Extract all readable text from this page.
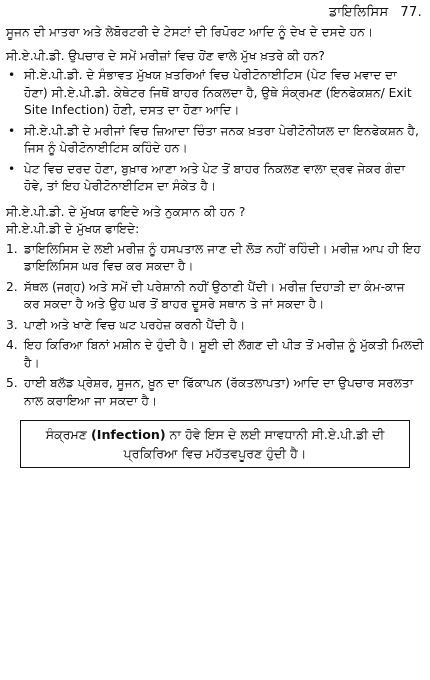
ਡਾਇਲਿਸਿਸ 77.

ਸੂਜਨ ਦੀ ਮਾਤਰਾ ਅਤੇ ਲੇਬੋਰਟਰੀ ਦੇ ਟੇਸਟਾਂ ਦੀ ਰਿਪੋਰਟ ਆਦਿ ਨੂੰ ਦੇਖ ਦੇ ਦਸਦੇ ਹਨ।

ਸੀ.ਏ.ਪੀ.ਡੀ. ਉਪਚਾਰ ਦੇ ਸਮੇਂ ਮਰੀਜ਼ਾਂ ਵਿਚ ਹੋਂਣ ਵਾਲੇ ਮੁੱਖ ਖ਼ਤਰੇ ਕੀ ਹਨ?

• ਸੀ.ਏ.ਪੀ.ਡੀ. ਦੇ ਸੰਭਾਵਤ ਮੁੱਖਯ ਖ਼ਤਰਿਆਂ ਵਿਚ ਪੇਰੀਟੋਨਾਈਟਿਸ (ਪੇਟ ਵਿਚ ਮਵਾਦ ਦਾ ਹੋਣਾ) ਸੀ.ਏ.ਪੀ.ਡੀ. ਕੇਥੇਟਰ ਜਿਥੋਂ ਬਾਹਰ ਨਿਕਲਦਾ ਹੈ, ਉਥੇ ਸੰਕ੍ਰਮਣ (ਇਨਫੇਕਸ਼ਨ/ Exit Site Infection) ਹੋਣੀ, ਦਸਤ ਦਾ ਹੋਣਾ ਆਦਿ।
• ਸੀ.ਏ.ਪੀ.ਡੀ ਦੇ ਮਰੀਜਾਂ ਵਿਚ ਜ਼ਿਆਦਾ ਚਿੰਤਾ ਜਨਕ ਖ਼ਤਰਾ ਪੇਰੀਟੋਨੀਯਲ ਦਾ ਇਨਫੇਕਸ਼ਨ ਹੈ, ਜਿਸ ਨੂੰ ਪੇਰੀਟੋਨਾਈਟਿਸ ਕਹਿੰਦੇ ਹਨ।
• ਪੇਟ ਵਿਚ ਦਰਦ ਹੋਣਾ, ਬੁਖ਼ਾਰ ਆਣਾ ਅਤੇ ਪੇਟ ਤੋਂ ਬਾਹਰ ਨਿਕਲਣ ਵਾਲਾ ਦ੍ਰਵ ਜੇਕਰ ਗੰਦਾ ਹੋਵੇ, ਤਾਂ ਇਹ ਪੇਰੀਟੋਨਾਈਟਿਸ ਦਾ ਸੰਕੇਤ ਹੈ।

ਸੀ.ਏ.ਪੀ.ਡੀ. ਦੇ ਮੁੱਖਯ ਫਾਇਦੇ ਅਤੇ ਨੁਕਸਾਨ ਕੀ ਹਨ ?

ਸੀ.ਏ.ਪੀ.ਡੀ ਦੇ ਮੁੱਖਯ ਫਾਇਦੇ:

1. ਡਾਇਲਿਸਿਸ ਦੇ ਲਈ ਮਰੀਜ਼ ਨੂੰ ਹਸਪਤਾਲ ਜਾਣ ਦੀ ਲੋੜ ਨਹੀਂ ਰਹਿੰਦੀ। ਮਰੀਜ਼ ਆਪ ਹੀ ਇਹ ਡਾਇਲਿਸਿਸ ਘਰ ਵਿਚ ਕਰ ਸਕਦਾ ਹੈ।
2. ਸੱਥਲ (ਜਗ੍ਹ) ਅਤੇ ਸਮੇਂ ਦੀ ਪਰੇਸ਼ਾਨੀ ਨਹੀਂ ਉਠਾਣੀ ਪੈਂਦੀ। ਮਰੀਜ਼ ਦਿਹਾੜੀ ਦਾ ਕੰਮ-ਕਾਜ ਕਰ ਸਕਦਾ ਹੈ ਅਤੇ ਉਹ ਘਰ ਤੋਂ ਬਾਹਰ ਦੂਸਰੇ ਸਥਾਨ ਤੇ ਜਾਂ ਸਕਦਾ ਹੈ।
3. ਪਾਣੀ ਅਤੇ ਖਾਣੇ ਵਿਚ ਘਟ ਪਰਹੇਜ਼ ਕਰਨੀ ਪੈਂਦੀ ਹੈ।
4. ਇਹ ਕਿਰਿਆ ਬਿਨਾਂ ਮਸ਼ੀਨ ਦੇ ਹੁੰਦੀ ਹੈ। ਸੂਈ ਦੀ ਲੱਗਣ ਦੀ ਪੀੜ ਤੋਂ ਮਰੀਜ਼ ਨੂੰ ਮੁੱਕਤੀ ਮਿਲਦੀ ਹੈ।
5. ਹਾਈ ਬਲੱਡ ਪ੍ਰੇਸ਼ਰ, ਸੂਜਨ, ਖ਼ੂਨ ਦਾ ਫਿੱਕਾਪਨ (ਰੱਕਤਲਾਪਤਾ) ਆਦਿ ਦਾ ਉਪਚਾਰ ਸਰਲਤਾ ਨਾਲ ਕਰਾਇਆ ਜਾ ਸਕਦਾ ਹੈ।
ਸੰਕ੍ਰਮਣ (Infection) ਨਾ ਹੋਵੇ ਇਸ ਦੇ ਲਈ ਸਾਵਧਾਨੀ ਸੀ.ਏ.ਪੀ.ਡੀ ਦੀ ਪ੍ਰਕਿਰਿਆ ਵਿਚ ਮਹੱਤਵਪੂਰਣ ਹੁੰਦੀ ਹੈ।
